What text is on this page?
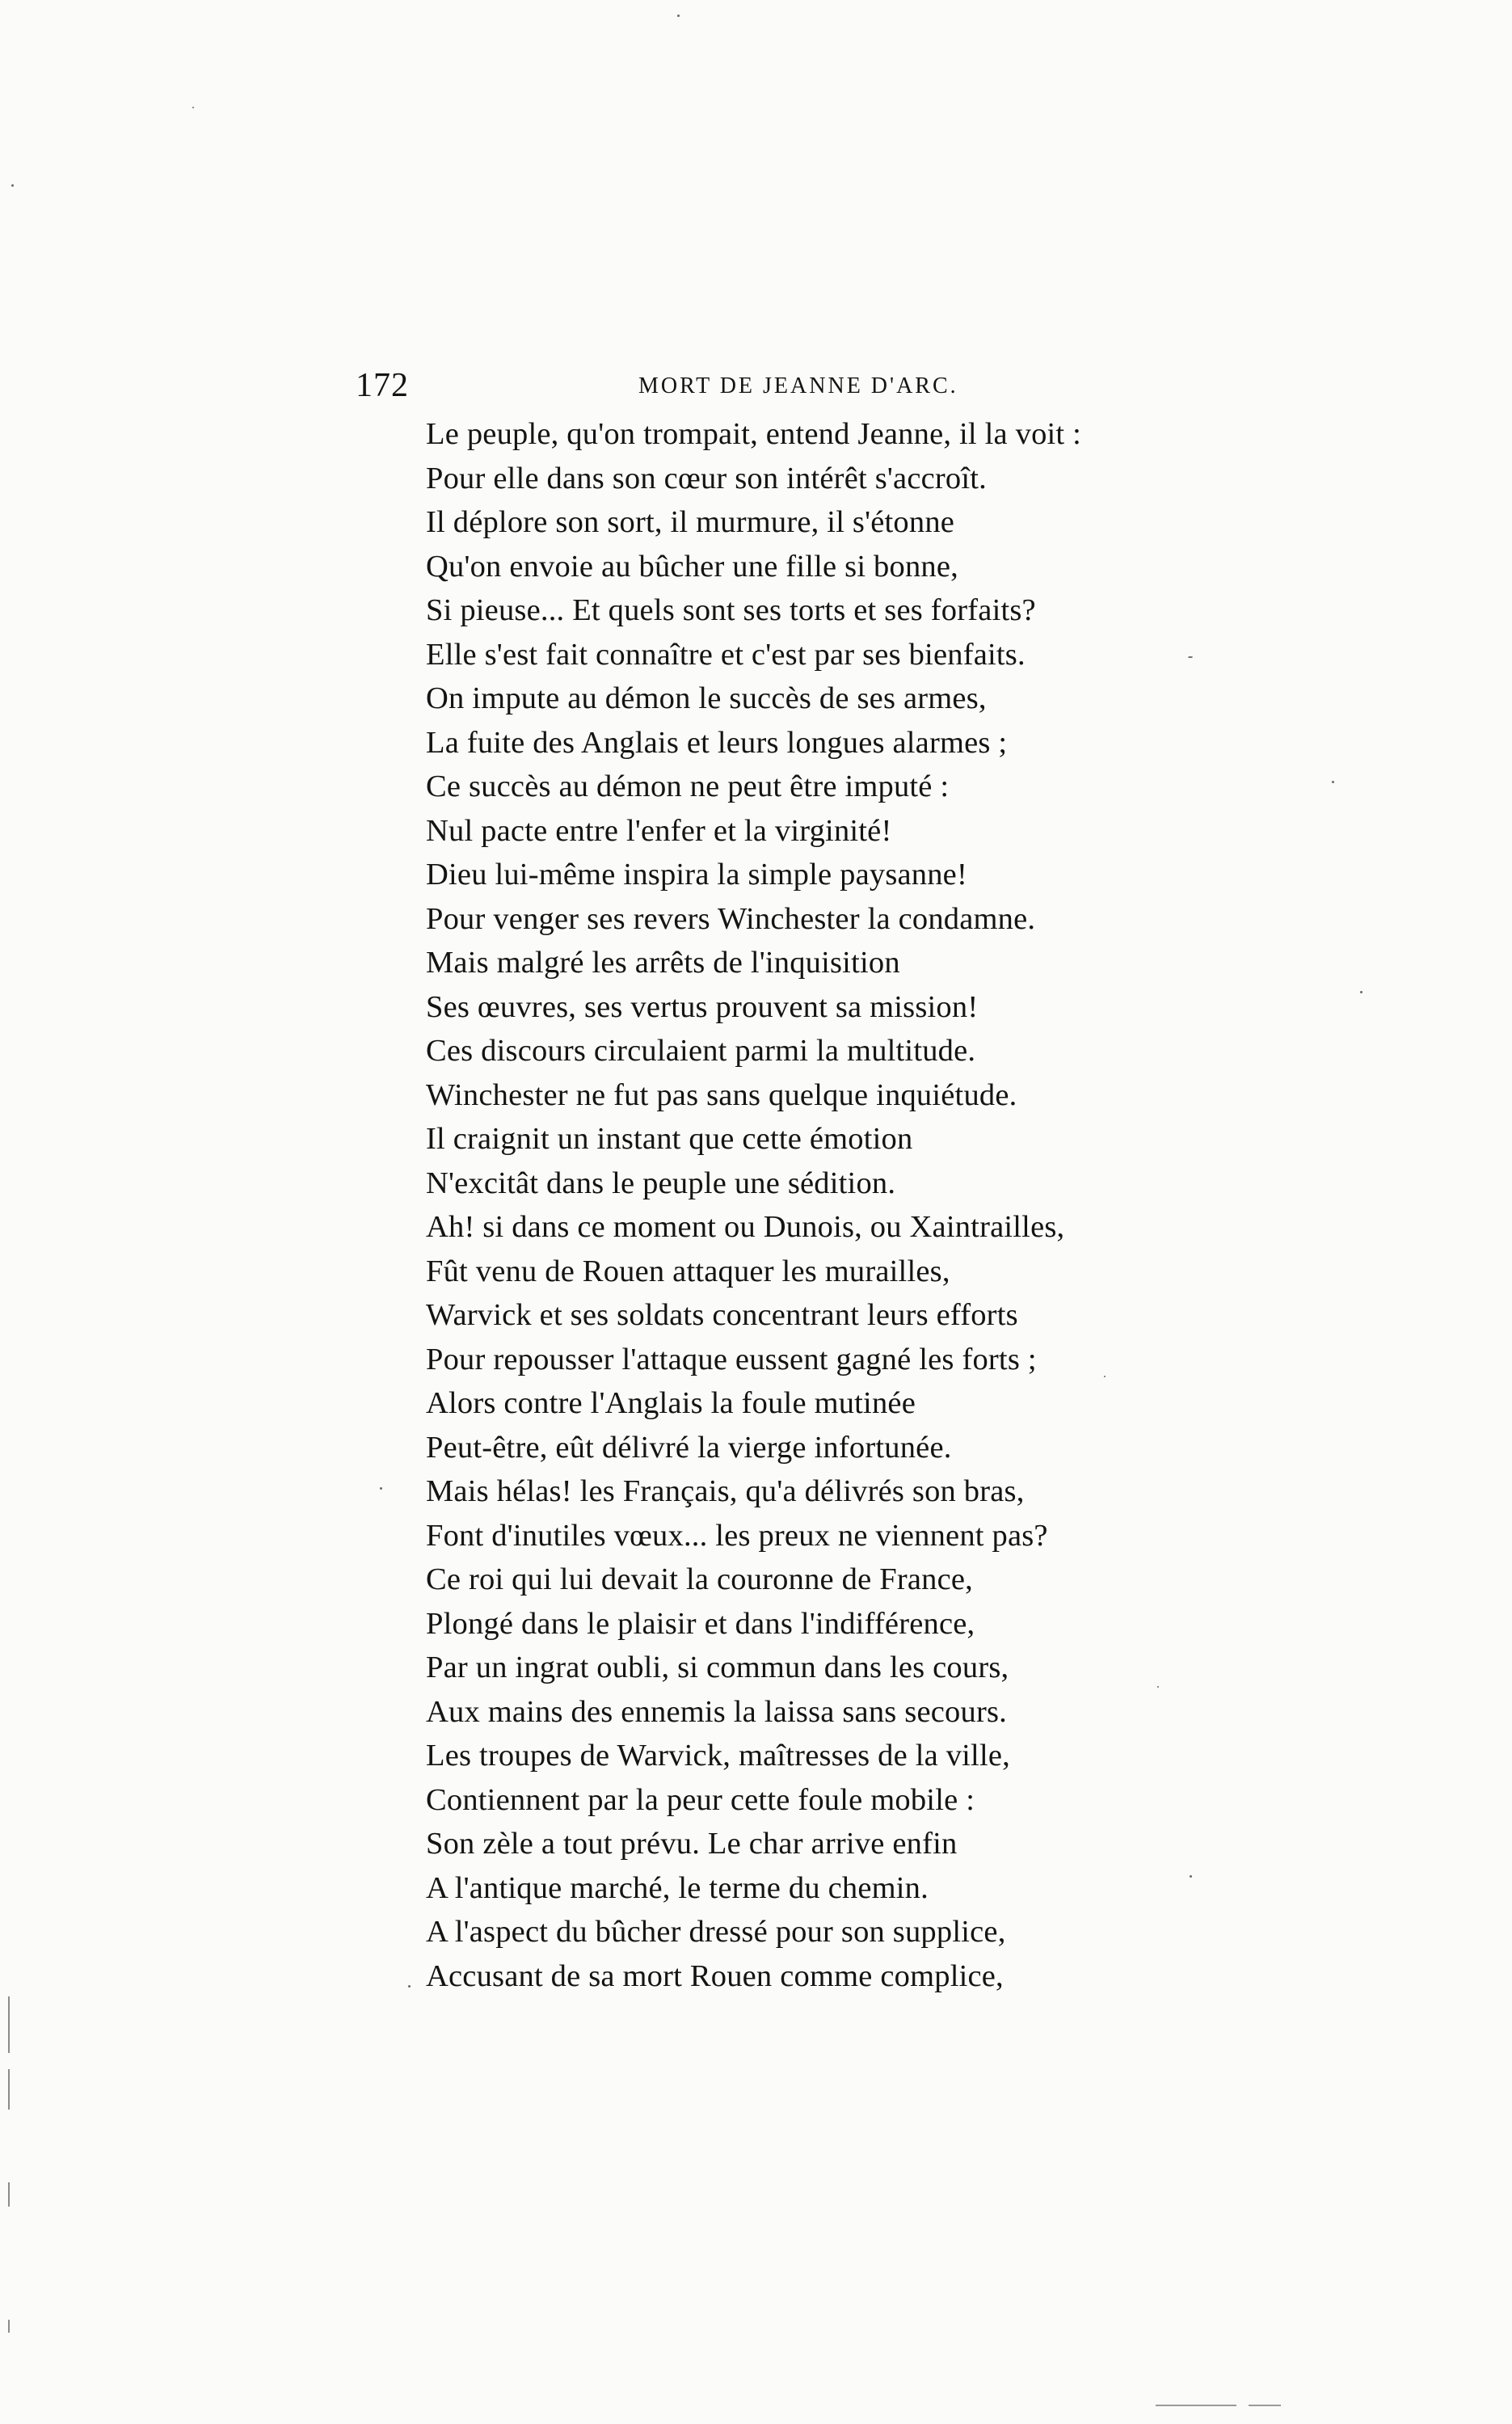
172	MORT DE JEANNE D'ARC.
Le peuple, qu'on trompait, entend Jeanne, il la voit :
Pour elle dans son cœur son intérêt s'accroît.
Il déplore son sort, il murmure, il s'étonne
Qu'on envoie au bûcher une fille si bonne,
Si pieuse... Et quels sont ses torts et ses forfaits?
Elle s'est fait connaître et c'est par ses bienfaits.
On impute au démon le succès de ses armes,
La fuite des Anglais et leurs longues alarmes ;
Ce succès au démon ne peut être imputé :
Nul pacte entre l'enfer et la virginité!
Dieu lui-même inspira la simple paysanne!
Pour venger ses revers Winchester la condamne.
Mais malgré les arrêts de l'inquisition
Ses œuvres, ses vertus prouvent sa mission!
Ces discours circulaient parmi la multitude.
Winchester ne fut pas sans quelque inquiétude.
Il craignit un instant que cette émotion
N'excitât dans le peuple une sédition.
Ah! si dans ce moment ou Dunois, ou Xaintrailles,
Fût venu de Rouen attaquer les murailles,
Warvick et ses soldats concentrant leurs efforts
Pour repousser l'attaque eussent gagné les forts ;
Alors contre l'Anglais la foule mutinée
Peut-être, eût délivré la vierge infortunée.
Mais hélas! les Français, qu'a délivrés son bras,
Font d'inutiles vœux... les preux ne viennent pas?
Ce roi qui lui devait la couronne de France,
Plongé dans le plaisir et dans l'indifférence,
Par un ingrat oubli, si commun dans les cours,
Aux mains des ennemis la laissa sans secours.
Les troupes de Warvick, maîtresses de la ville,
Contiennent par la peur cette foule mobile :
Son zèle a tout prévu. Le char arrive enfin
A l'antique marché, le terme du chemin.
A l'aspect du bûcher dressé pour son supplice,
Accusant de sa mort Rouen comme complice,
